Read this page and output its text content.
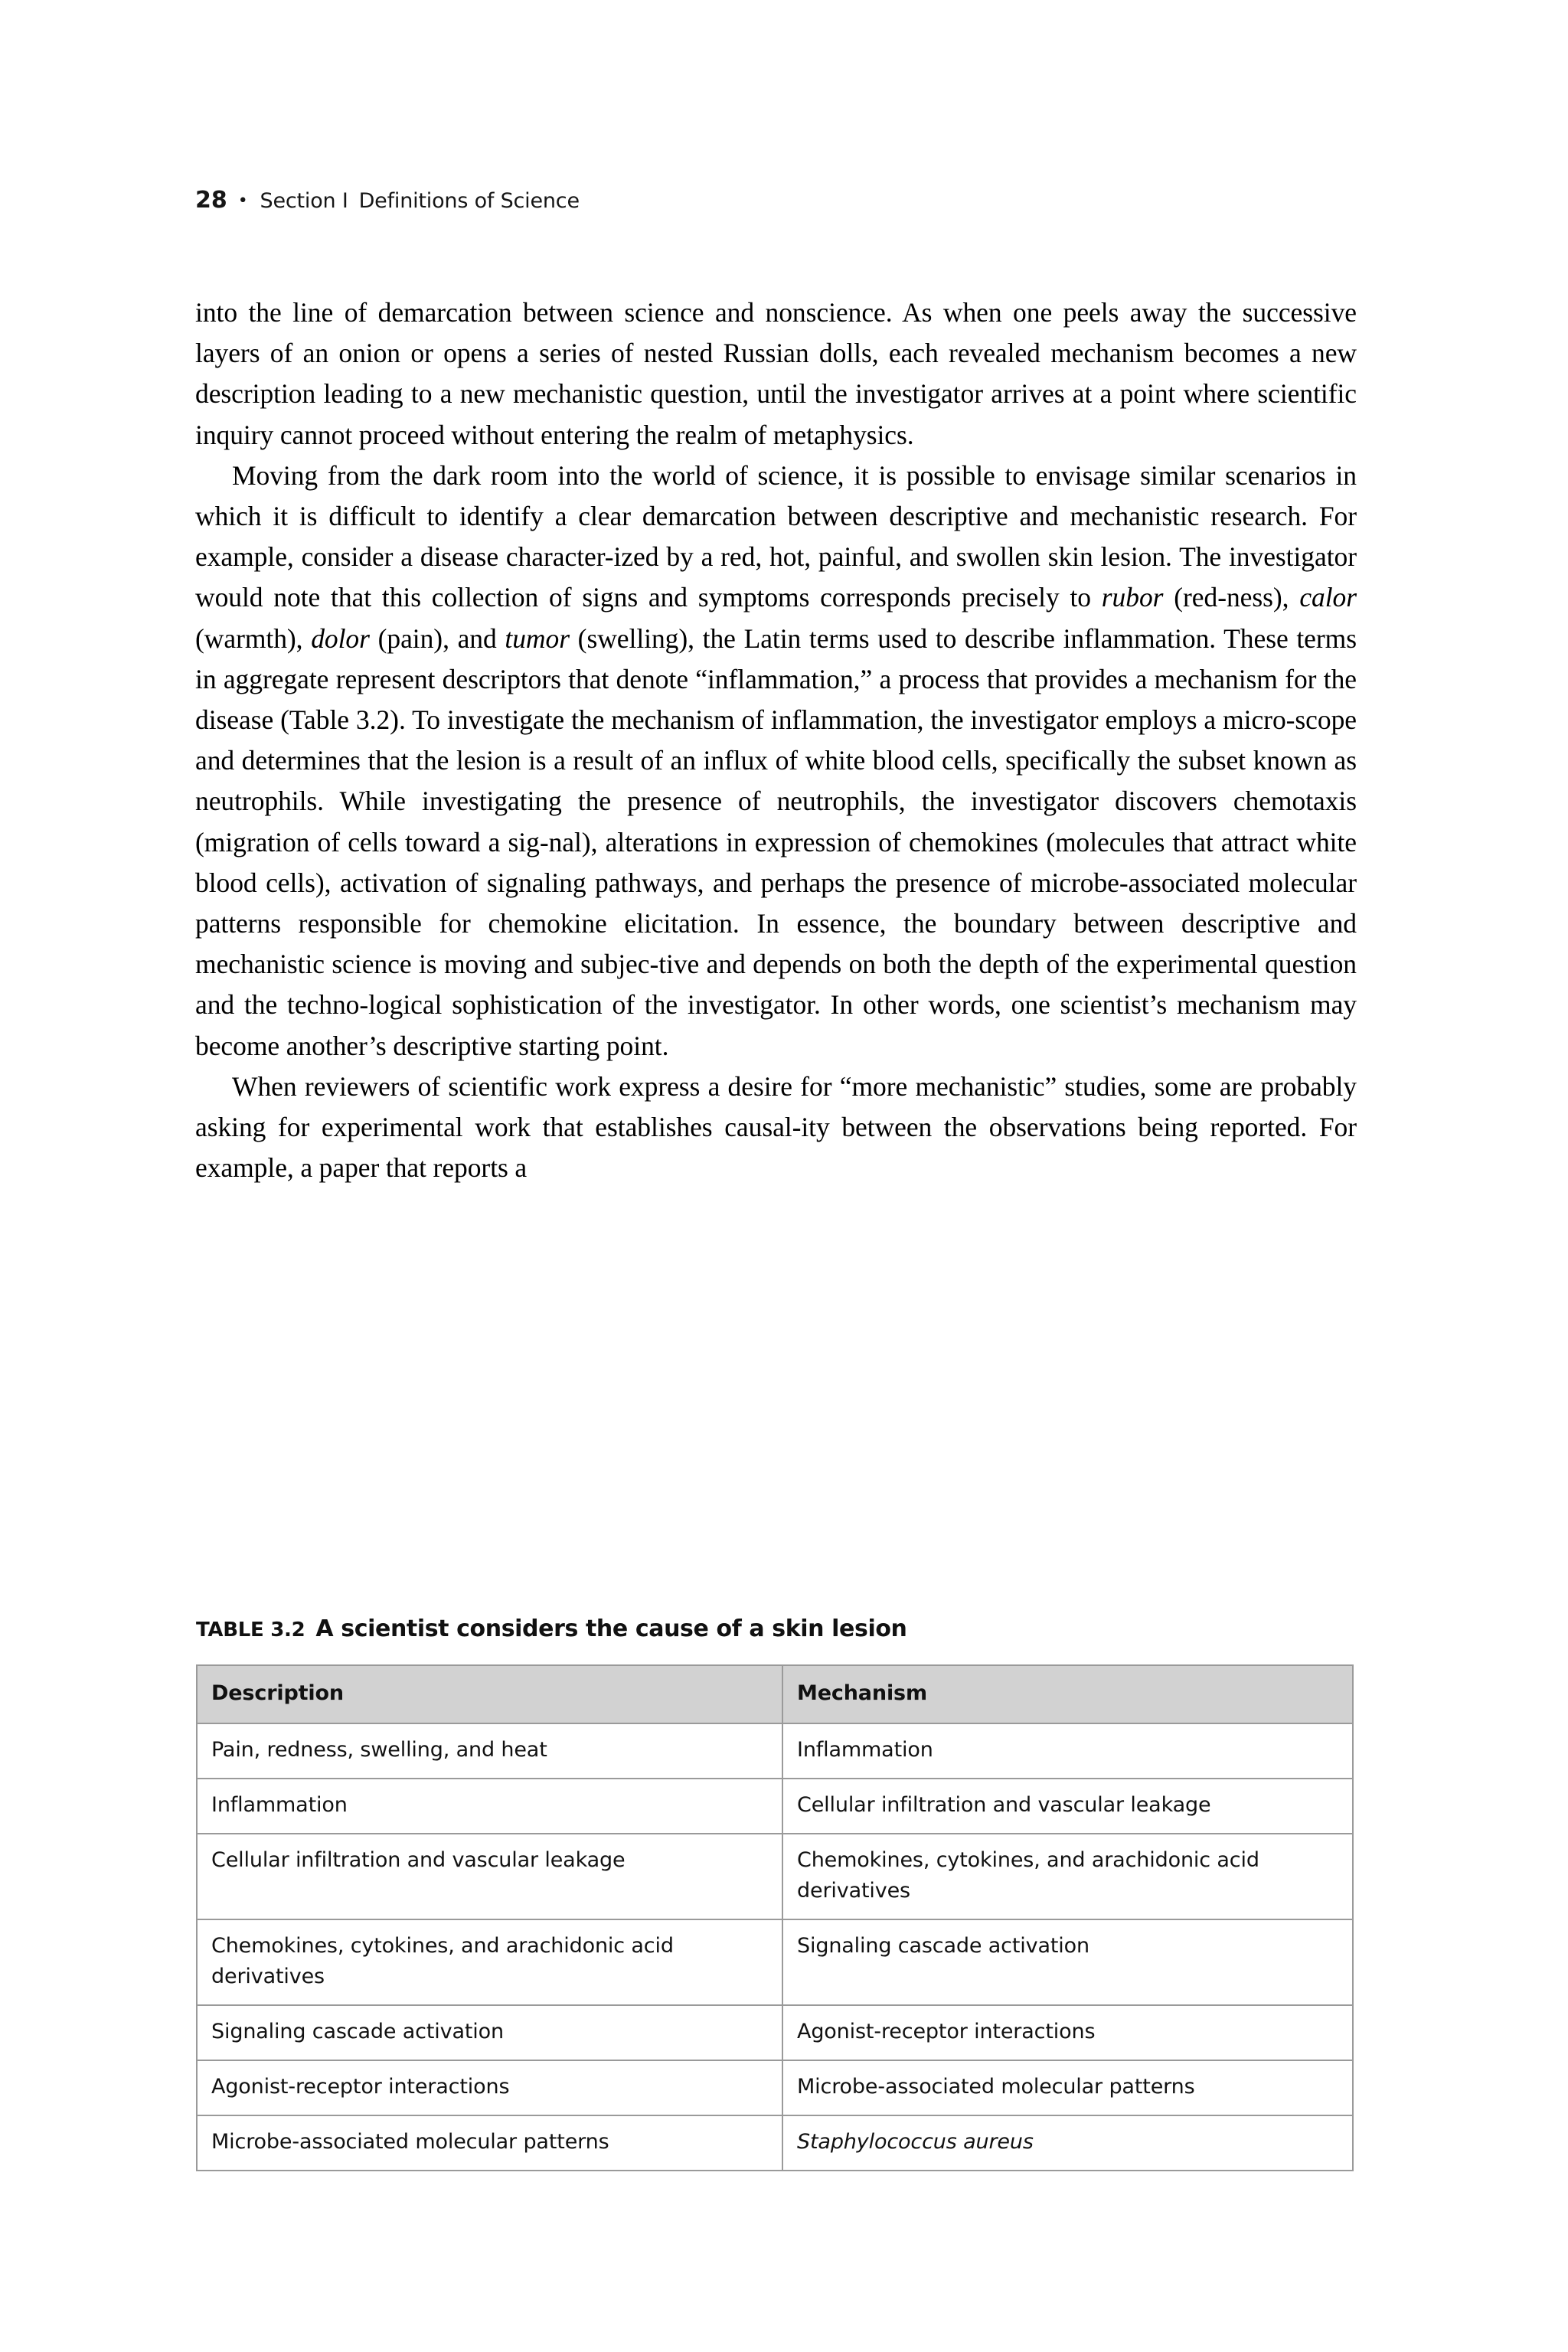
28 • Section I Definitions of Science

into the line of demarcation between science and nonscience. As when one peels away the successive layers of an onion or opens a series of nested Russian dolls, each revealed mechanism becomes a new description leading to a new mechanistic question, until the investigator arrives at a point where scientific inquiry cannot proceed without entering the realm of metaphysics.

Moving from the dark room into the world of science, it is possible to envisage similar scenarios in which it is difficult to identify a clear demarcation between descriptive and mechanistic research. For example, consider a disease character-ized by a red, hot, painful, and swollen skin lesion. The investigator would note that this collection of signs and symptoms corresponds precisely to rubor (red-ness), calor (warmth), dolor (pain), and tumor (swelling), the Latin terms used to describe inflammation. These terms in aggregate represent descriptors that denote “inflammation,” a process that provides a mechanism for the disease (Table 3.2). To investigate the mechanism of inflammation, the investigator employs a micro-scope and determines that the lesion is a result of an influx of white blood cells, specifically the subset known as neutrophils. While investigating the presence of neutrophils, the investigator discovers chemotaxis (migration of cells toward a sig-nal), alterations in expression of chemokines (molecules that attract white blood cells), activation of signaling pathways, and perhaps the presence of microbe-associated molecular patterns responsible for chemokine elicitation. In essence, the boundary between descriptive and mechanistic science is moving and subjec-tive and depends on both the depth of the experimental question and the techno-logical sophistication of the investigator. In other words, one scientist’s mechanism may become another’s descriptive starting point.

When reviewers of scientific work express a desire for “more mechanistic” studies, some are probably asking for experimental work that establishes causal-ity between the observations being reported. For example, a paper that reports a

TABLE 3.2 A scientist considers the cause of a skin lesion
Description	Mechanism
Pain, redness, swelling, and heat	Inflammation
Inflammation	Cellular infiltration and vascular leakage
Cellular infiltration and vascular leakage	Chemokines, cytokines, and arachidonic acid derivatives
Chemokines, cytokines, and arachidonic acid derivatives	Signaling cascade activation
Signaling cascade activation	Agonist-receptor interactions
Agonist-receptor interactions	Microbe-associated molecular patterns
Microbe-associated molecular patterns	Staphylococcus aureus
